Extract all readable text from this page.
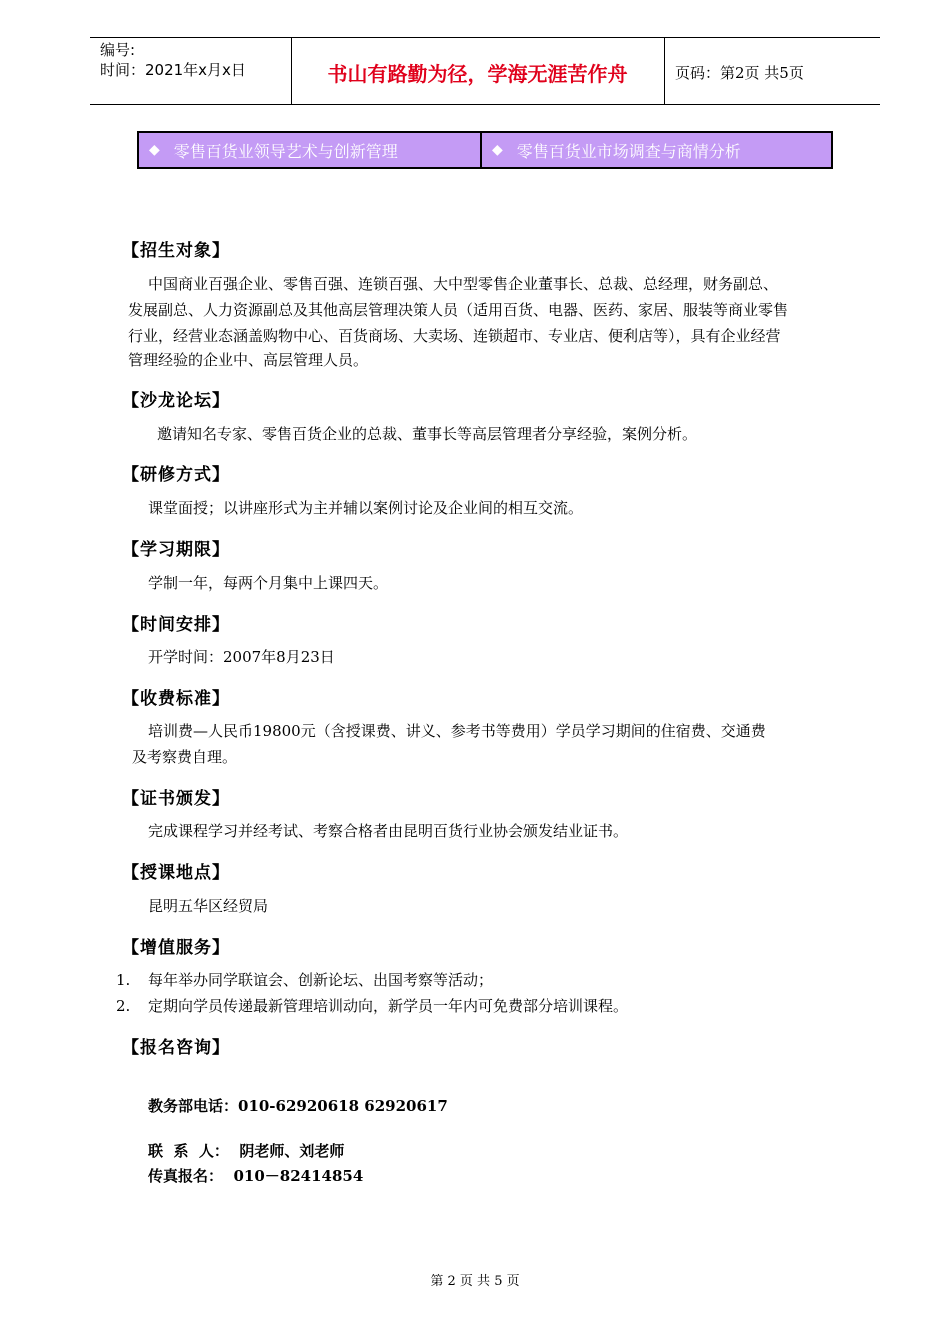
编号:
时间：2021年x月x日	书山有路勤为径，学海无涯苦作舟	页码：第2页 共5页
◆ 零售百货业领导艺术与创新管理	◆ 零售百货业市场调查与商情分析
【招生对象】
中国商业百强企业、零售百强、连锁百强、大中型零售企业董事长、总裁、总经理，财务副总、
发展副总、人力资源副总及其他高层管理决策人员（适用百货、电器、医药、家居、服装等商业零售
行业，经营业态涵盖购物中心、百货商场、大卖场、连锁超市、专业店、便利店等），具有企业经营
管理经验的企业中、高层管理人员。
【沙龙论坛】
邀请知名专家、零售百货企业的总裁、董事长等高层管理者分享经验，案例分析。
【研修方式】
课堂面授；以讲座形式为主并辅以案例讨论及企业间的相互交流。
【学习期限】
学制一年，每两个月集中上课四天。
【时间安排】
开学时间：2007年8月23日
【收费标准】
培训费—人民币19800元（含授课费、讲义、参考书等费用）学员学习期间的住宿费、交通费
及考察费自理。
【证书颁发】
完成课程学习并经考试、考察合格者由昆明百货行业协会颁发结业证书。
【授课地点】
昆明五华区经贸局
【增值服务】
1. 每年举办同学联谊会、创新论坛、出国考察等活动；
2. 定期向学员传递最新管理培训动向，新学员一年内可免费部分培训课程。
【报名咨询】
教务部电话：010-62920618 62920617
联  系  人：  阴老师、刘老师
传真报名：  010－82414854
第 2 页 共 5 页
